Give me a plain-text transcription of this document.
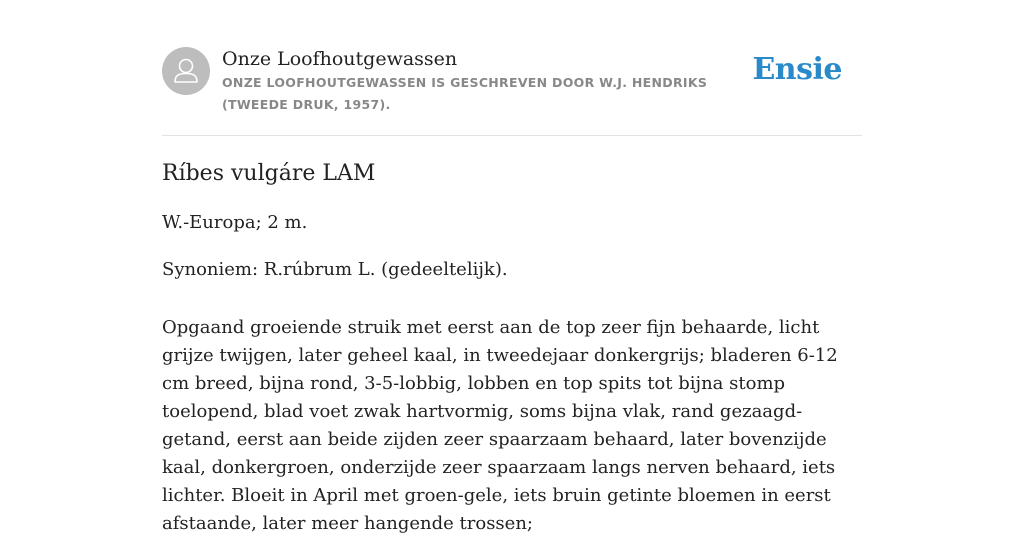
Onze Loofhoutgewassen
ONZE LOOFHOUTGEWASSEN IS GESCHREVEN DOOR W.J. HENDRIKS (TWEEDE DRUK, 1957).
Ensie
Ríbes vulgáre LAM

W.-Europa; 2 m.

Synoniem: R.rúbrum L. (gedeeltelijk).

Opgaand groeiende struik met eerst aan de top zeer fijn behaarde, licht grijze twijgen, later geheel kaal, in tweedejaar donkergrijs; bladeren 6-12 cm breed, bijna rond, 3-5-lobbig, lobben en top spits tot bijna stomp toelopend, blad voet zwak hartvormig, soms bijna vlak, rand gezaagd-getand, eerst aan beide zijden zeer spaarzaam behaard, later bovenzijde kaal, donkergroen, onderzijde zeer spaarzaam langs nerven behaard, iets lichter. Bloeit in April met groen-gele, iets bruin getinte bloemen in eerst afstaande, later meer hangende trossen;
